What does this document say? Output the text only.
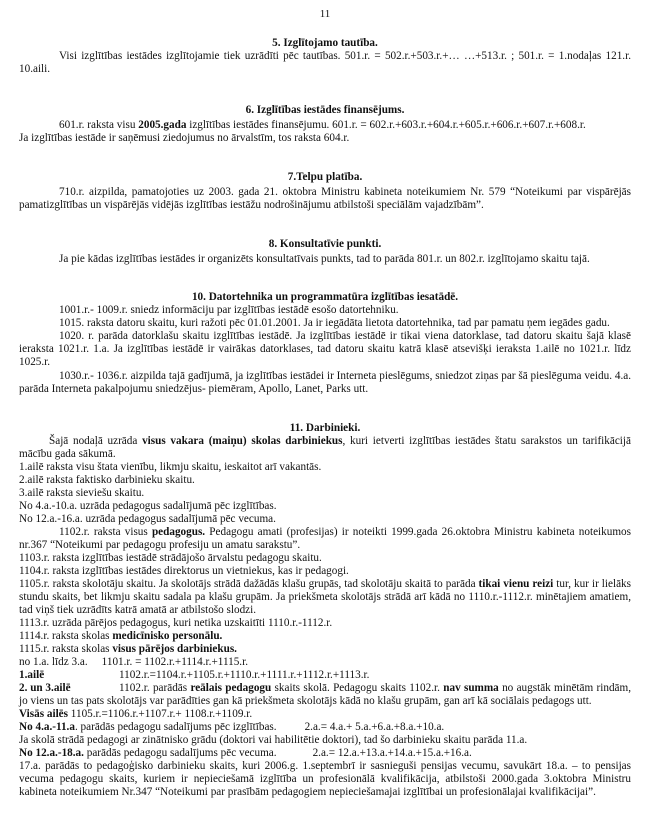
11

5. Izglītojamo tautība.

Visi izglītības iestādes izglītojamie tiek uzrādīti pēc tautības. 501.r. = 502.r.+503.r.+… …+513.r. ; 501.r. = 1.nodaļas 121.r. 10.aili.

6. Izglītības iestādes finansējums.

601.r. raksta visu 2005.gada izglītības iestādes finansējumu. 601.r. = 602.r.+603.r.+604.r.+605.r.+606.r.+607.r.+608.r.

Ja izglītības iestāde ir saņēmusi ziedojumus no ārvalstīm, tos raksta 604.r.

7.Telpu platība.

710.r. aizpilda, pamatojoties uz 2003. gada 21. oktobra Ministru kabineta noteikumiem Nr. 579 “Noteikumi par vispārējās pamatizglītības un vispārējās vidējās izglītības iestāžu nodrošinājumu atbilstoši speciālām vajadzībām”.

8. Konsultatīvie punkti.

Ja pie kādas izglītības iestādes ir organizēts konsultatīvais punkts, tad to parāda 801.r. un 802.r. izglītojamo skaitu tajā.

10. Datortehnika un programmatūra izglītības iesatādē.

1001.r.- 1009.r. sniedz informāciju par izglītības iestādē esošo datortehniku.

1015. raksta datoru skaitu, kuri ražoti pēc 01.01.2001. Ja ir iegādāta lietota datortehnika, tad par pamatu ņem iegādes gadu.

1020. r. parāda datorklašu skaitu izglītības iestādē. Ja izglītības iestādē ir tikai viena datorklase, tad datoru skaitu šajā klasē ieraksta 1021.r. 1.a. Ja izglītības iestādē ir vairākas datorklases, tad datoru skaitu katrā klasē atsevišķi ieraksta 1.ailē no 1021.r. līdz 1025.r.

1030.r.- 1036.r. aizpilda tajā gadījumā, ja izglītības iestādei ir Interneta pieslēgums, sniedzot ziņas par šā pieslēguma veidu. 4.a. parāda Interneta pakalpojumu sniedzējus- piemēram, Apollo, Lanet, Parks utt.

11. Darbinieki.

Šajā nodaļā uzrāda visus vakara (maiņu) skolas darbiniekus, kuri ietverti izglītības iestādes štatu sarakstos un tarifikācijā mācību gada sākumā.

1.ailē raksta visu štata vienību, likmju skaitu, ieskaitot arī vakantās.

2.ailē raksta faktisko darbinieku skaitu.

3.ailē raksta sieviešu skaitu.

No 4.a.-10.a. uzrāda pedagogus sadalījumā pēc izglītības.

No 12.a.-16.a. uzrāda pedagogus sadalījumā pēc vecuma.

1102.r. raksta visus pedagogus. Pedagogu amati (profesijas) ir noteikti 1999.gada 26.oktobra Ministru kabineta noteikumos nr.367 “Noteikumi par pedagogu profesiju un amatu sarakstu”.

1103.r. raksta izglītības iestādē strādājošo ārvalstu pedagogu skaitu.

1104.r. raksta izglītības iestādes direktorus un vietniekus, kas ir pedagogi.

1105.r. raksta skolotāju skaitu. Ja skolotājs strādā dažādās klašu grupās, tad skolotāju skaitā to parāda tikai vienu reizi tur, kur ir lielāks stundu skaits, bet likmju skaitu sadala pa klašu grupām. Ja priekšmeta skolotājs strādā arī kādā no 1110.r.-1112.r. minētajiem amatiem, tad viņš tiek uzrādīts katrā amatā ar atbilstošo slodzi.

1113.r. uzrāda pārējos pedagogus, kuri netika uzskaitīti 1110.r.-1112.r.

1114.r. raksta skolas medicīnisko personālu.

1115.r. raksta skolas visus pārējos darbiniekus.

no 1.a. līdz 3.a. 1101.r. = 1102.r.+1114.r.+1115.r.

1.ailē	1102.r.=1104.r.+1105.r.+1110.r.+1111.r.+1112.r.+1113.r.

2. un 3.ailē	1102.r. parādās reālais pedagogu skaits skolā. Pedagogu skaits 1102.r. nav summa no augstāk minētām rindām, jo viens un tas pats skolotājs var parādīties gan kā priekšmeta skolotājs kādā no klašu grupām, gan arī kā sociālais pedagogs utt.

Visās ailēs 1105.r.=1106.r.+1107.r.+ 1108.r.+1109.r.

No 4.a.-11.a. parādās pedagogu sadalījums pēc izglītības.	2.a.= 4.a.+ 5.a.+6.a.+8.a.+10.a.

Ja skolā strādā pedagogi ar zinātnisko grādu (doktori vai habilitētie doktori), tad šo darbinieku skaitu parāda 11.a.

No 12.a.-18.a. parādās pedagogu sadalījums pēc vecuma.	2.a.= 12.a.+13.a.+14.a.+15.a.+16.a.

17.a. parādās to pedagoģisko darbinieku skaits, kuri 2006.g. 1.septembrī ir sasnieguši pensijas vecumu, savukārt 18.a. – to pensijas vecuma pedagogu skaits, kuriem ir nepieciešamā izglītība un profesionālā kvalifikācija, atbilstoši 2000.gada 3.oktobra Ministru kabineta noteikumiem Nr.347 “Noteikumi par prasībām pedagogiem nepieciešamajai izglītībai un profesionālajai kvalifikācijai”.
